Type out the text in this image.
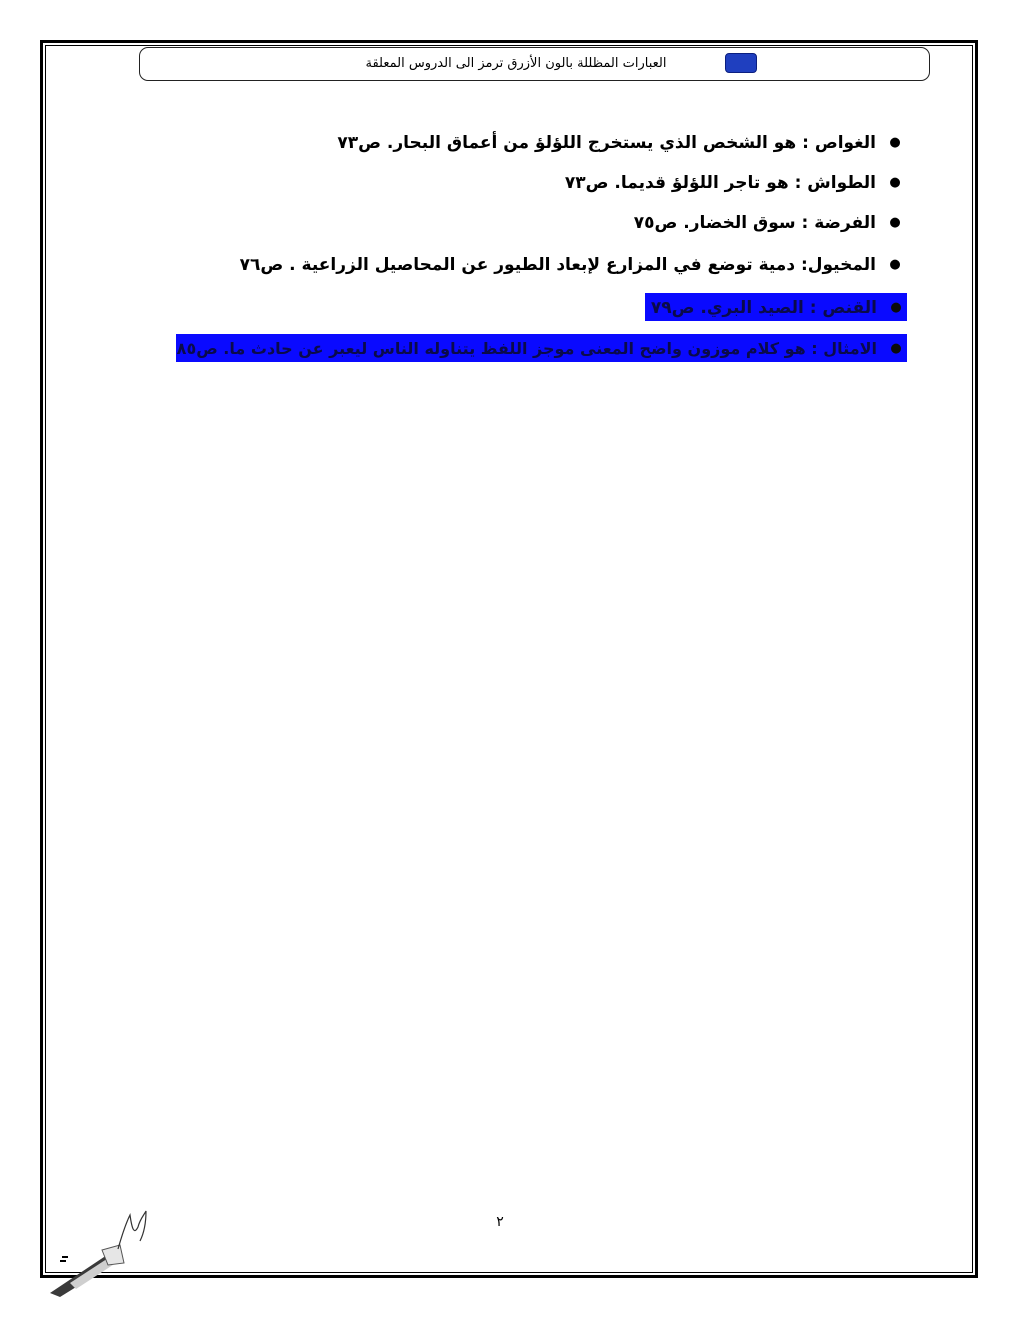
العبارات المظللة بالون الأزرق ترمز الى الدروس المعلقة
●
الغواص : هو الشخص الذي يستخرج اللؤلؤ من أعماق البحار. ص٧٣
●
الطواش : هو تاجر اللؤلؤ قديما. ص٧٣
●
الفرضة : سوق الخضار. ص٧٥
●
المخيول: دمية توضع في المزارع لإبعاد الطيور عن المحاصيل الزراعية . ص٧٦
●
القنص : الصيد البري. ص٧٩
●
الامثال : هو كلام موزون واضح المعنى موجز اللفظ يتناوله الناس ليعبر عن حادث ما. ص٨٥
٢
